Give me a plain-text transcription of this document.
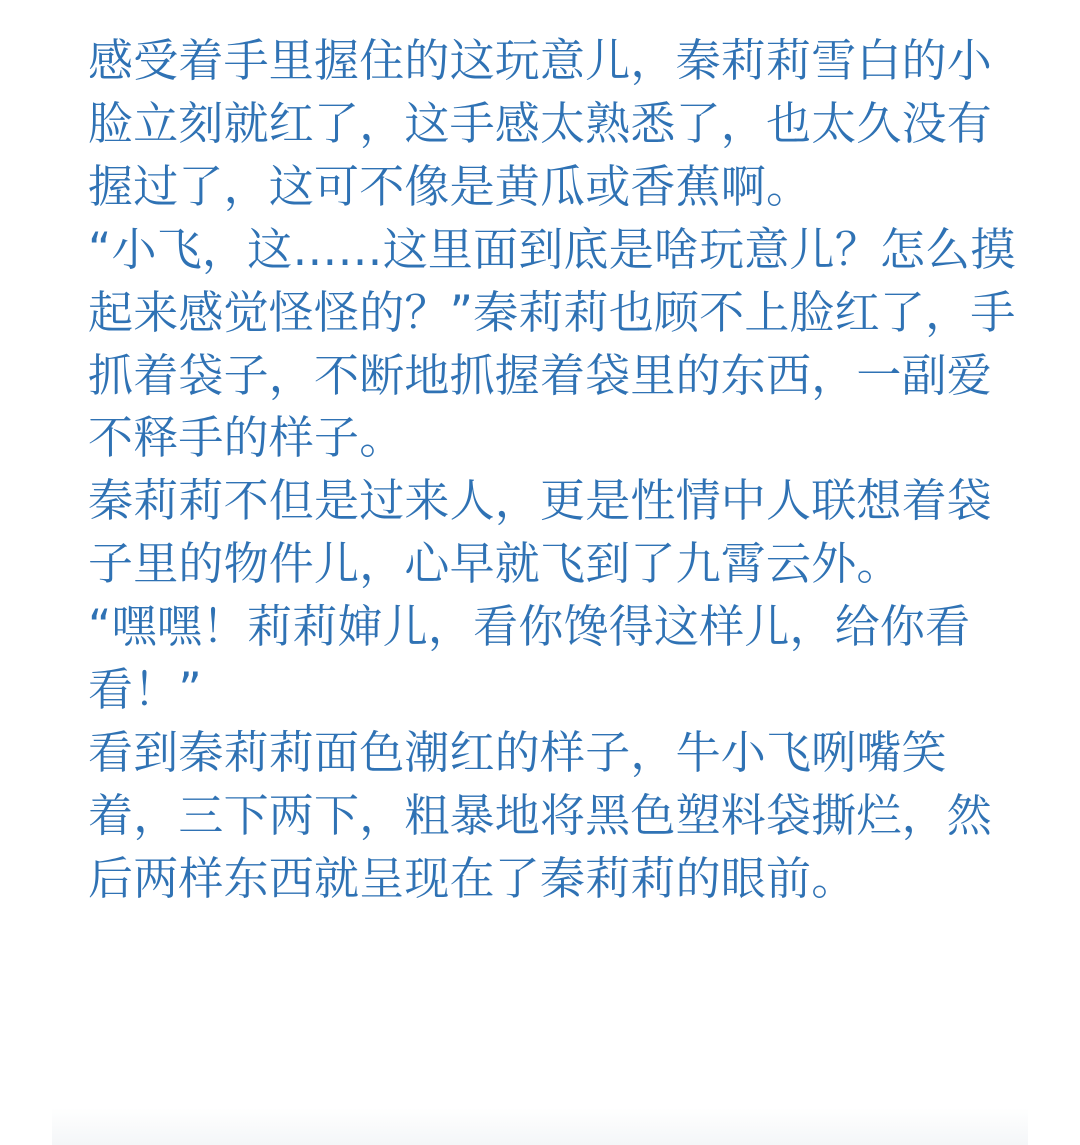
感受着手里握住的这玩意儿，秦莉莉雪白的小脸立刻就红了，这手感太熟悉了，也太久没有握过了，这可不像是黄瓜或香蕉啊。

“小飞，这……这里面到底是啥玩意儿？怎么摸起来感觉怪怪的？”秦莉莉也顾不上脸红了，手抓着袋子，不断地抓握着袋里的东西，一副爱不释手的样子。

秦莉莉不但是过来人，更是性情中人联想着袋子里的物件儿，心早就飞到了九霄云外。

“嘿嘿！莉莉婶儿，看你馋得这样儿，给你看看！”

看到秦莉莉面色潮红的样子，牛小飞咧嘴笑着，三下两下，粗暴地将黑色塑料袋撕烂，然后两样东西就呈现在了秦莉莉的眼前。
